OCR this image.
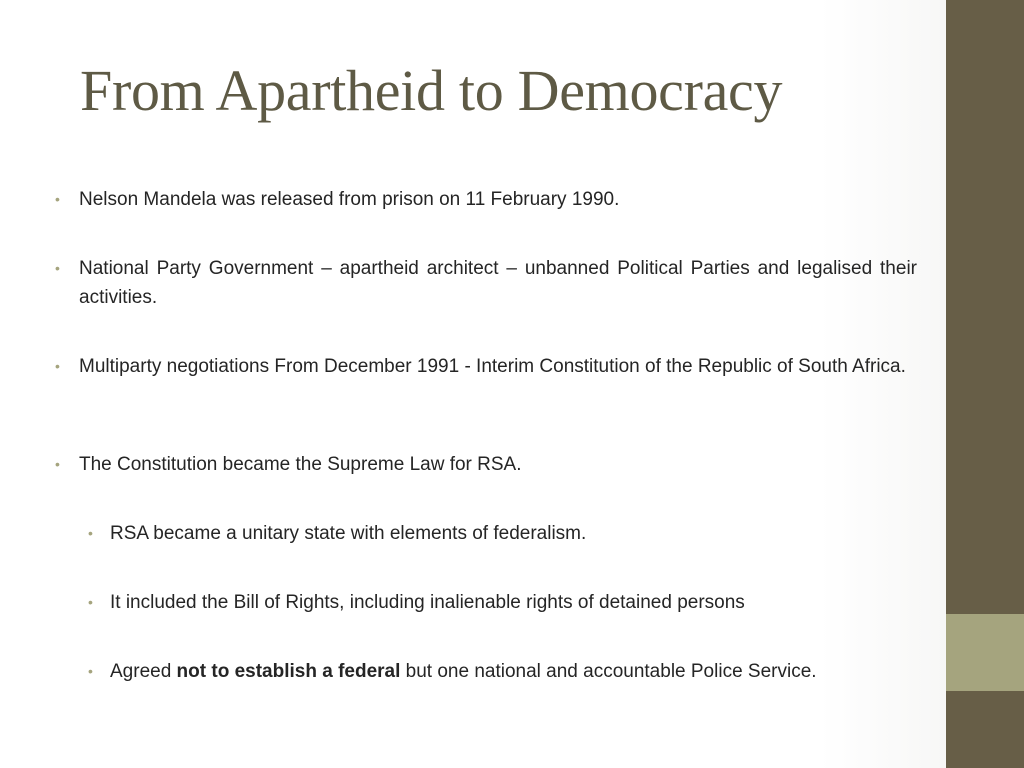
From Apartheid to Democracy
•	Nelson Mandela was released from prison on 11 February 1990.
•	National Party Government – apartheid architect – unbanned Political Parties and legalised their activities.
•	Multiparty negotiations From December 1991 - Interim Constitution of the Republic of South Africa.
•	The Constitution became the Supreme Law for RSA.
• RSA became a unitary state with elements of federalism.
• It included the Bill of Rights, including inalienable rights of detained persons
• Agreed not to establish a federal but one national and accountable Police Service.
